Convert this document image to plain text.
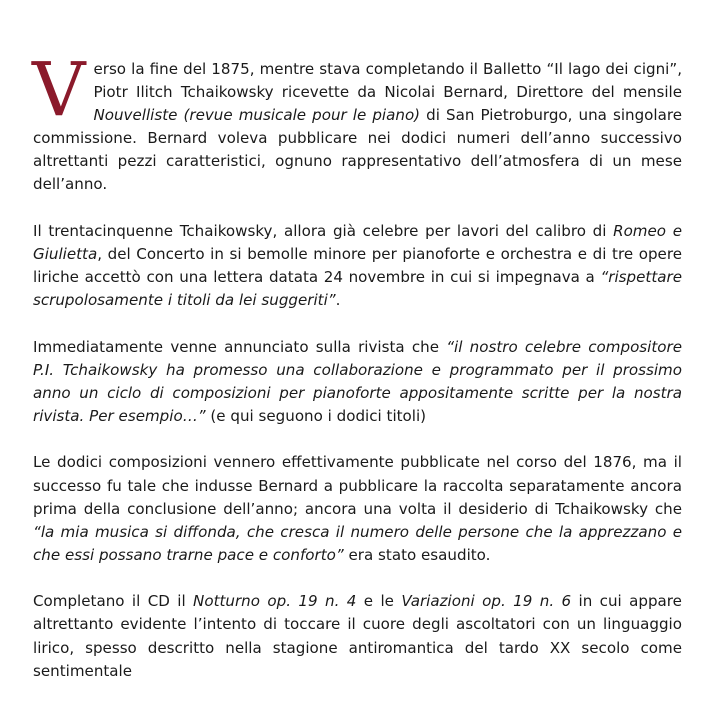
V erso la fine del 1875, mentre stava completando il Balletto “Il lago dei cigni”, Piotr Ilitch Tchaikowsky ricevette da Nicolai Bernard, Direttore del mensile Nouvelliste (revue musicale pour le piano) di San Pietroburgo, una singolare commissione. Bernard voleva pubblicare nei dodici numeri dell’anno successivo altrettanti pezzi caratteristici, ognuno rappresentativo dell’atmosfera di un mese dell’anno.

Il trentacinquenne Tchaikowsky, allora già celebre per lavori del calibro di Romeo e Giulietta, del Concerto in si bemolle minore per pianoforte e orchestra e di tre opere liriche accettò con una lettera datata 24 novembre in cui si impegnava a “rispettare scrupolosamente i titoli da lei suggeriti”.

Immediatamente venne annunciato sulla rivista che “il nostro celebre compositore P.I. Tchaikowsky ha promesso una collaborazione e programmato per il prossimo anno un ciclo di composizioni per pianoforte appositamente scritte per la nostra rivista. Per esempio…” (e qui seguono i dodici titoli)

Le dodici composizioni vennero effettivamente pubblicate nel corso del 1876, ma il successo fu tale che indusse Bernard a pubblicare la raccolta separatamente ancora prima della conclusione dell’anno; ancora una volta il desiderio di Tchaikowsky che “la mia musica si diffonda, che cresca il numero delle persone che la apprezzano e che essi possano trarne pace e conforto” era stato esaudito.

Completano il CD il Notturno op. 19 n. 4 e le Variazioni op. 19 n. 6 in cui appare altrettanto evidente l’intento di toccare il cuore degli ascoltatori con un linguaggio lirico, spesso descritto nella stagione antiromantica del tardo XX secolo come sentimentale
